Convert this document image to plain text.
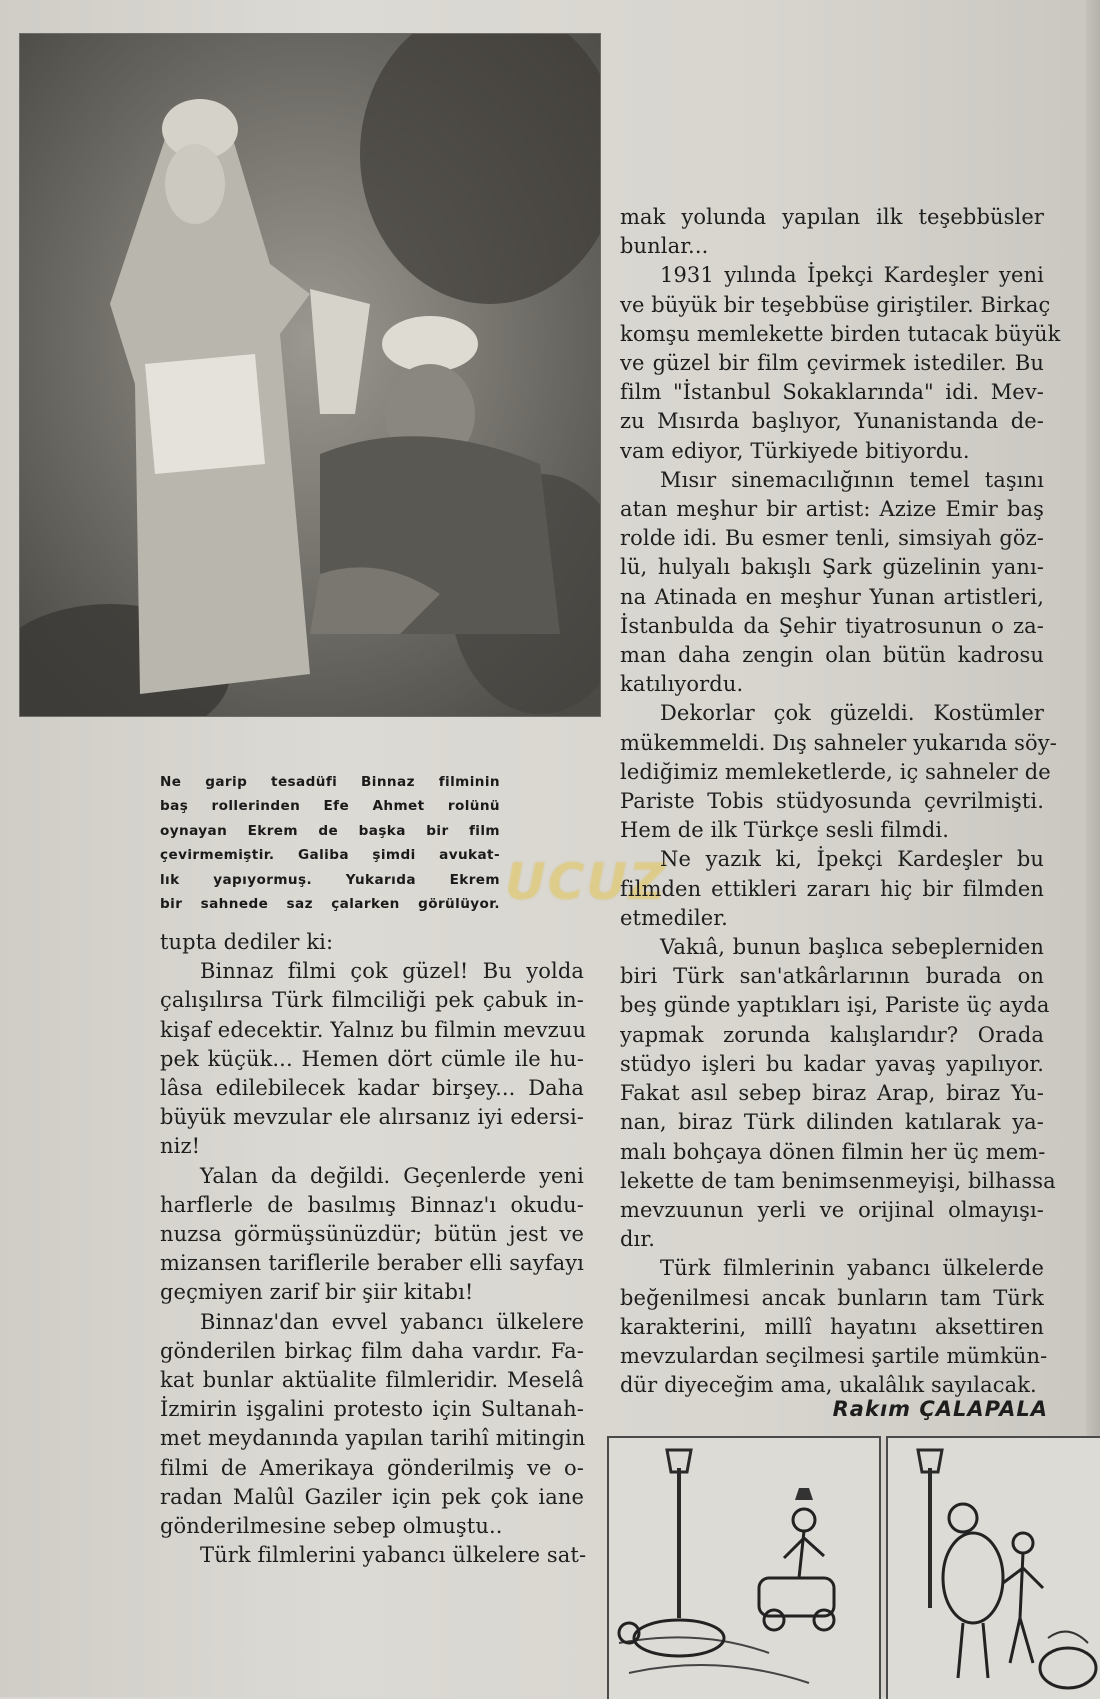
Ne garip tesadüfi Binnaz filminin
baş rollerinden Efe Ahmet rolünü
oynayan Ekrem de başka bir film
çevirmemiştir. Galiba şimdi avukat-
lık yapıyormuş. Yukarıda Ekrem
bir sahnede saz çalarken görülüyor. UCUZ
tupta dediler ki:
Binnaz filmi çok güzel! Bu yolda
çalışılırsa Türk filmciliği pek çabuk in-
kişaf edecektir. Yalnız bu filmin mevzuu
pek küçük... Hemen dört cümle ile hu-
lâsa edilebilecek kadar birşey... Daha
büyük mevzular ele alırsanız iyi edersi-
niz!
Yalan da değildi. Geçenlerde yeni
harflerle de basılmış Binnaz'ı okudu-
nuzsa görmüşsünüzdür; bütün jest ve
mizansen tariflerile beraber elli sayfayı
geçmiyen zarif bir şiir kitabı!
Binnaz'dan evvel yabancı ülkelere
gönderilen birkaç film daha vardır. Fa-
kat bunlar aktüalite filmleridir. Meselâ
İzmirin işgalini protesto için Sultanah-
met meydanında yapılan tarihî mitingin
filmi de Amerikaya gönderilmiş ve o-
radan Malûl Gaziler için pek çok iane
gönderilmesine sebep olmuştu..
Türk filmlerini yabancı ülkelere sat-
mak yolunda yapılan ilk teşebbüsler
bunlar...
1931 yılında İpekçi Kardeşler yeni
ve büyük bir teşebbüse giriştiler. Birkaç
komşu memlekette birden tutacak büyük
ve güzel bir film çevirmek istediler. Bu
film "İstanbul Sokaklarında" idi. Mev-
zu Mısırda başlıyor, Yunanistanda de-
vam ediyor, Türkiyede bitiyordu.
Mısır sinemacılığının temel taşını
atan meşhur bir artist: Azize Emir baş
rolde idi. Bu esmer tenli, simsiyah göz-
lü, hulyalı bakışlı Şark güzelinin yanı-
na Atinada en meşhur Yunan artistleri,
İstanbulda da Şehir tiyatrosunun o za-
man daha zengin olan bütün kadrosu
katılıyordu.
Dekorlar çok güzeldi. Kostümler
mükemmeldi. Dış sahneler yukarıda söy-
lediğimiz memleketlerde, iç sahneler de
Pariste Tobis stüdyosunda çevrilmişti.
Hem de ilk Türkçe sesli filmdi.
Ne yazık ki, İpekçi Kardeşler bu
filmden ettikleri zararı hiç bir filmden
etmediler.
Vakıâ, bunun başlıca sebeplerniden
biri Türk san'atkârlarının burada on
beş günde yaptıkları işi, Pariste üç ayda
yapmak zorunda kalışlarıdır? Orada
stüdyo işleri bu kadar yavaş yapılıyor.
Fakat asıl sebep biraz Arap, biraz Yu-
nan, biraz Türk dilinden katılarak ya-
malı bohçaya dönen filmin her üç mem-
lekette de tam benimsenmeyişi, bilhassa
mevzuunun yerli ve orijinal olmayışı-
dır.
Türk filmlerinin yabancı ülkelerde
beğenilmesi ancak bunların tam Türk
karakterini, millî hayatını aksettiren
mevzulardan seçilmesi şartile mümkün-
dür diyeceğim ama, ukalâlık sayılacak.
Rakım ÇALAPALA
